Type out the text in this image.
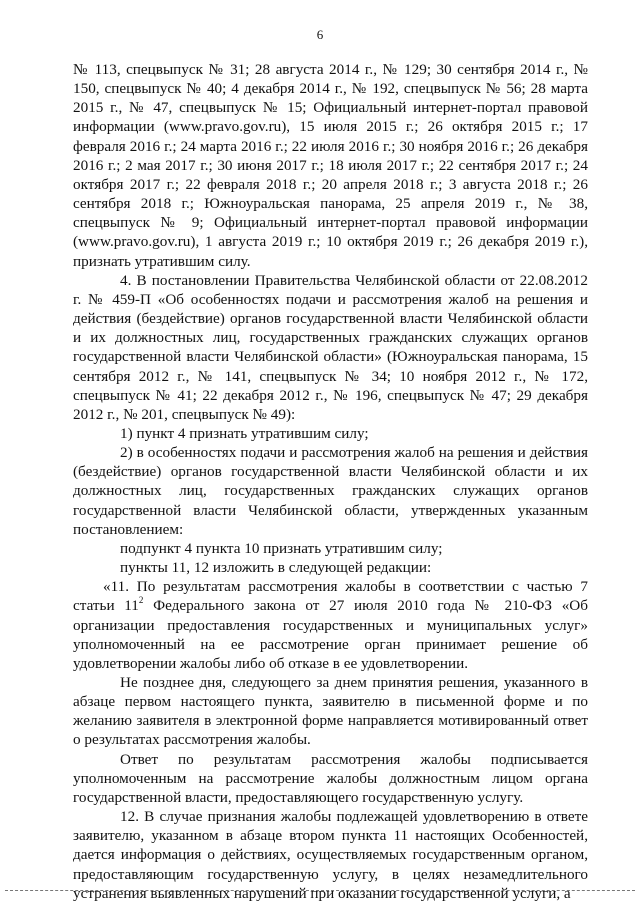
6

№ 113, спецвыпуск № 31; 28 августа 2014 г., № 129; 30 сентября 2014 г., № 150, спецвыпуск № 40; 4 декабря 2014 г., № 192, спецвыпуск № 56; 28 марта 2015 г., № 47, спецвыпуск № 15; Официальный интернет-портал правовой информации (www.pravo.gov.ru), 15 июля 2015 г.; 26 октября 2015 г.; 17 февраля 2016 г.; 24 марта 2016 г.; 22 июля 2016 г.; 30 ноября 2016 г.; 26 декабря 2016 г.; 2 мая 2017 г.; 30 июня 2017 г.; 18 июля 2017 г.; 22 сентября 2017 г.; 24 октября 2017 г.; 22 февраля 2018 г.; 20 апреля 2018 г.; 3 августа 2018 г.; 26 сентября 2018 г.; Южноуральская панорама, 25 апреля 2019 г., № 38, спецвыпуск № 9; Официальный интернет-портал правовой информации (www.pravo.gov.ru), 1 августа 2019 г.; 10 октября 2019 г.; 26 декабря 2019 г.), признать утратившим силу.

4. В постановлении Правительства Челябинской области от 22.08.2012 г. № 459-П «Об особенностях подачи и рассмотрения жалоб на решения и действия (бездействие) органов государственной власти Челябинской области и их должностных лиц, государственных гражданских служащих органов государственной власти Челябинской области» (Южноуральская панорама, 15 сентября 2012 г., № 141, спецвыпуск № 34; 10 ноября 2012 г., № 172, спецвыпуск № 41; 22 декабря 2012 г., № 196, спецвыпуск № 47; 29 декабря 2012 г., № 201, спецвыпуск № 49):

1) пункт 4 признать утратившим силу;

2) в особенностях подачи и рассмотрения жалоб на решения и действия (бездействие) органов государственной власти Челябинской области и их должностных лиц, государственных гражданских служащих органов государственной власти Челябинской области, утвержденных указанным постановлением:

подпункт 4 пункта 10 признать утратившим силу;

пункты 11, 12 изложить в следующей редакции:

«11. По результатам рассмотрения жалобы в соответствии с частью 7 статьи $11^2$ Федерального закона от 27 июля 2010 года № 210-ФЗ «Об организации предоставления государственных и муниципальных услуг» уполномоченный на ее рассмотрение орган принимает решение об удовлетворении жалобы либо об отказе в ее удовлетворении.

Не позднее дня, следующего за днем принятия решения, указанного в абзаце первом настоящего пункта, заявителю в письменной форме и по желанию заявителя в электронной форме направляется мотивированный ответ о результатах рассмотрения жалобы.

Ответ по результатам рассмотрения жалобы подписывается уполномоченным на рассмотрение жалобы должностным лицом органа государственной власти, предоставляющего государственную услугу.

12. В случае признания жалобы подлежащей удовлетворению в ответе заявителю, указанном в абзаце втором пункта 11 настоящих Особенностей, дается информация о действиях, осуществляемых государственным органом, предоставляющим государственную услугу, в целях незамедлительного устранения выявленных нарушений при оказании государственной услуги, а
